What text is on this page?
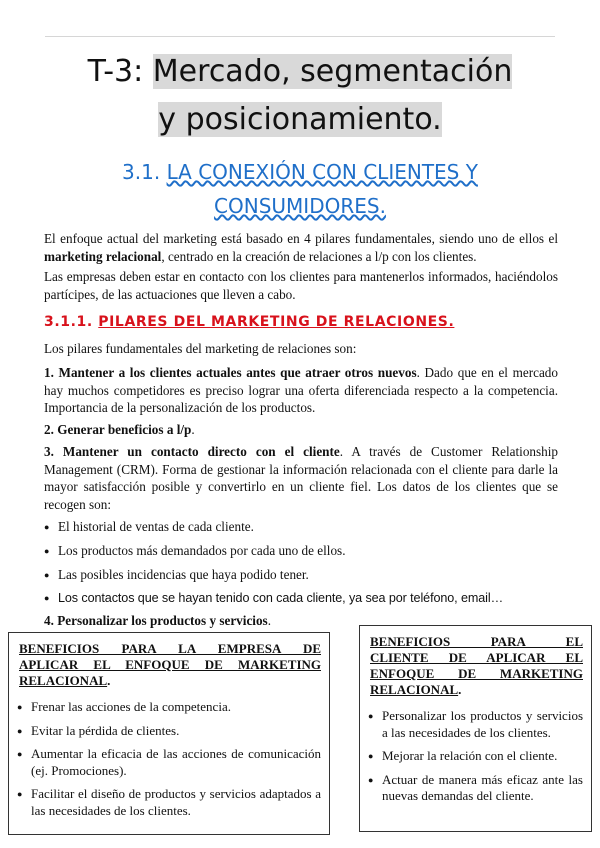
T-3: Mercado, segmentación
y posicionamiento.
3.1. LA CONEXIÓN CON CLIENTES Y
CONSUMIDORES.
El enfoque actual del marketing está basado en 4 pilares fundamentales, siendo uno de ellos el marketing relacional, centrado en la creación de relaciones a l/p con los clientes.
Las empresas deben estar en contacto con los clientes para mantenerlos informados, haciéndolos partícipes, de las actuaciones que lleven a cabo.
3.1.1. PILARES DEL MARKETING DE RELACIONES.
Los pilares fundamentales del marketing de relaciones son:
1. Mantener a los clientes actuales antes que atraer otros nuevos. Dado que en el mercado hay muchos competidores es preciso lograr una oferta diferenciada respecto a la competencia. Importancia de la personalización de los productos.
2. Generar beneficios a l/p.
3. Mantener un contacto directo con el cliente. A través de Customer Relationship Management (CRM). Forma de gestionar la información relacionada con el cliente para darle la mayor satisfacción posible y convertirlo en un cliente fiel. Los datos de los clientes que se recogen son:
● El historial de ventas de cada cliente.
● Los productos más demandados por cada uno de ellos.
● Las posibles incidencias que haya podido tener.
● Los contactos que se hayan tenido con cada cliente, ya sea por teléfono, email…
4. Personalizar los productos y servicios.
BENEFICIOS PARA LA EMPRESA DE
APLICAR EL ENFOQUE DE MARKETING
RELACIONAL.
● Frenar las acciones de la competencia.
● Evitar la pérdida de clientes.
● Aumentar la eficacia de las acciones de comunicación (ej. Promociones).
● Facilitar el diseño de productos y servicios adaptados a las necesidades de los clientes.
BENEFICIOS PARA EL
CLIENTE DE APLICAR EL
ENFOQUE DE MARKETING
RELACIONAL.
● Personalizar los productos y servicios a las necesidades de los clientes.
● Mejorar la relación con el cliente.
● Actuar de manera más eficaz ante las nuevas demandas del cliente.
